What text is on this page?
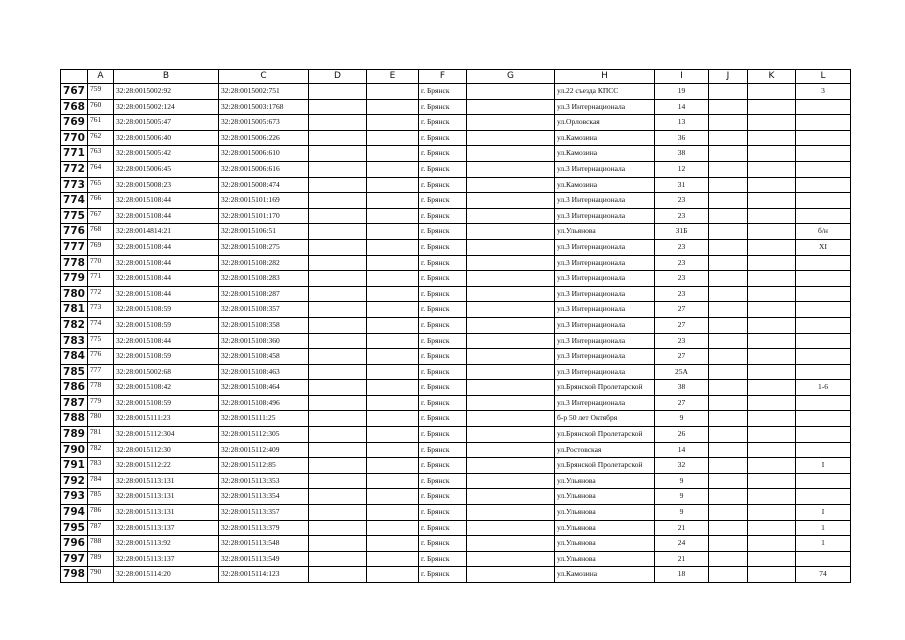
	A	B	C	D	E	F	G	H	I	J	K	L
767	759	32:28:0015002:92	32:28:0015002:751			г. Брянск		ул.22 съезда КПСС	19			3
768	760	32:28:0015002:124	32:28:0015003:1768			г. Брянск		ул.3 Интернационала	14			
769	761	32:28:0015005:47	32:28:0015005:673			г. Брянск		ул.Орловская	13			
770	762	32:28:0015006:40	32:28:0015006:226			г. Брянск		ул.Камозина	36			
771	763	32:28:0015005:42	32:28:0015006:610			г. Брянск		ул.Камозина	38			
772	764	32:28:0015006:45	32:28:0015006:616			г. Брянск		ул.3 Интернационала	12			
773	765	32:28:0015008:23	32:28:0015008:474			г. Брянск		ул.Камозина	31			
774	766	32:28:0015108:44	32:28:0015101:169			г. Брянск		ул.3 Интернационала	23			
775	767	32:28:0015108:44	32:28:0015101:170			г. Брянск		ул.3 Интернационала	23			
776	768	32:28:0014814:21	32:28:0015106:51			г. Брянск		ул.Ульянова	31Б			б/н
777	769	32:28:0015108:44	32:28:0015108:275			г. Брянск		ул.3 Интернационала	23			XI
778	770	32:28:0015108:44	32:28:0015108:282			г. Брянск		ул.3 Интернационала	23			
779	771	32:28:0015108:44	32:28:0015108:283			г. Брянск		ул.3 Интернационала	23			
780	772	32:28:0015108:44	32:28:0015108:287			г. Брянск		ул.3 Интернационала	23			
781	773	32:28:0015108:59	32:28:0015108:357			г. Брянск		ул.3 Интернационала	27			
782	774	32:28:0015108:59	32:28:0015108:358			г. Брянск		ул.3 Интернационала	27			
783	775	32:28:0015108:44	32:28:0015108:360			г. Брянск		ул.3 Интернационала	23			
784	776	32:28:0015108:59	32:28:0015108:458			г. Брянск		ул.3 Интернационала	27			
785	777	32:28:0015002:68	32:28:0015108:463			г. Брянск		ул.3 Интернационала	25А			
786	778	32:28:0015108:42	32:28:0015108:464			г. Брянск		ул.Брянской Пролетарской	38			1-6
787	779	32:28:0015108:59	32:28:0015108:496			г. Брянск		ул.3 Интернационала	27			
788	780	32:28:0015111:23	32:28:0015111:25			г. Брянск		б-р 50 лет Октября	9			
789	781	32:28:0015112:304	32:28:0015112:305			г. Брянск		ул.Брянской Пролетарской	26			
790	782	32:28:0015112:30	32:28:0015112:409			г. Брянск		ул.Ростовская	14			
791	783	32:28:0015112:22	32:28:0015112:85			г. Брянск		ул.Брянской Пролетарской	32			I
792	784	32:28:0015113:131	32:28:0015113:353			г. Брянск		ул.Ульянова	9			
793	785	32:28:0015113:131	32:28:0015113:354			г. Брянск		ул.Ульянова	9			
794	786	32:28:0015113:131	32:28:0015113:357			г. Брянск		ул.Ульянова	9			I
795	787	32:28:0015113:137	32:28:0015113:379			г. Брянск		ул.Ульянова	21			1
796	788	32:28:0015113:92	32:28:0015113:548			г. Брянск		ул.Ульянова	24			1
797	789	32:28:0015113:137	32:28:0015113:549			г. Брянск		ул.Ульянова	21			
798	790	32:28:0015114:20	32:28:0015114:123			г. Брянск		ул.Камозина	18			74
